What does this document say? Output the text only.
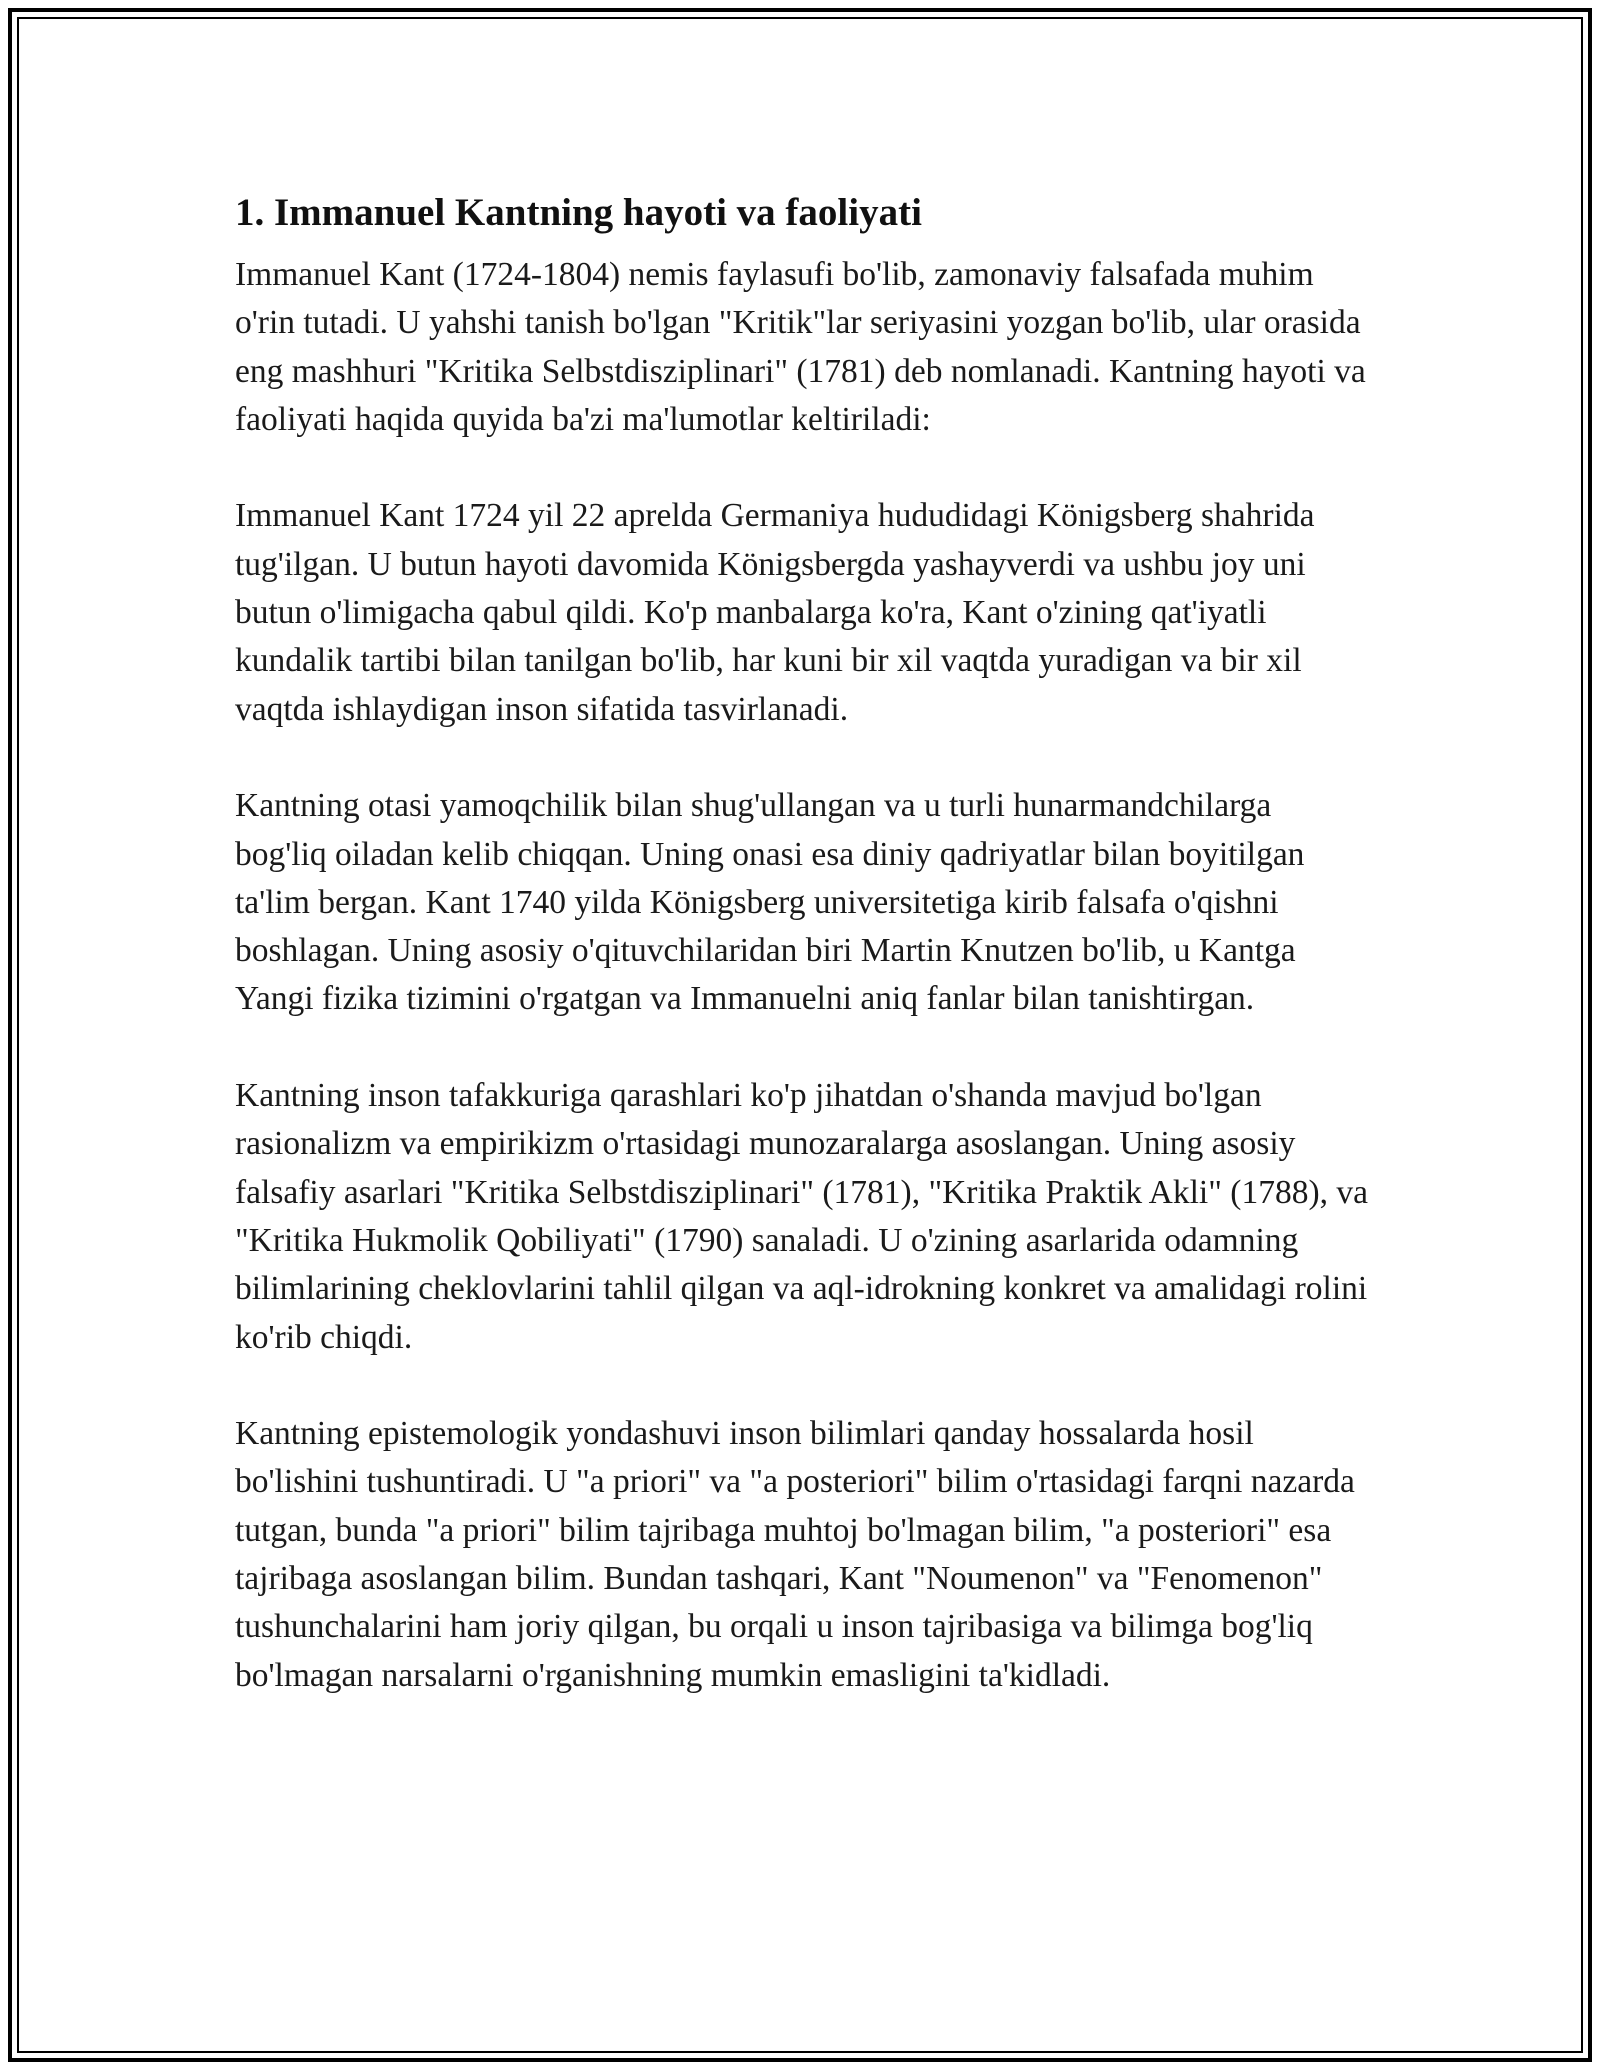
1. Immanuel Kantning hayoti va faoliyati

Immanuel Kant (1724-1804) nemis faylasufi bo'lib, zamonaviy falsafada muhim o'rin tutadi. U yahshi tanish bo'lgan "Kritik"lar seriyasini yozgan bo'lib, ular orasida eng mashhuri "Kritika Selbstdisziplinari" (1781) deb nomlanadi. Kantning hayoti va faoliyati haqida quyida ba'zi ma'lumotlar keltiriladi:

Immanuel Kant 1724 yil 22 aprelda Germaniya hududidagi Königsberg shahrida tug'ilgan. U butun hayoti davomida Königsbergda yashayverdi va ushbu joy uni butun o'limigacha qabul qildi. Ko'p manbalarga ko'ra, Kant o'zining qat'iyatli kundalik tartibi bilan tanilgan bo'lib, har kuni bir xil vaqtda yuradigan va bir xil vaqtda ishlaydigan inson sifatida tasvirlanadi.

Kantning otasi yamoqchilik bilan shug'ullangan va u turli hunarmandchilarga bog'liq oiladan kelib chiqqan. Uning onasi esa diniy qadriyatlar bilan boyitilgan ta'lim bergan. Kant 1740 yilda Königsberg universitetiga kirib falsafa o'qishni boshlagan. Uning asosiy o'qituvchilaridan biri Martin Knutzen bo'lib, u Kantga Yangi fizika tizimini o'rgatgan va Immanuelni aniq fanlar bilan tanishtirgan.

Kantning inson tafakkuriga qarashlari ko'p jihatdan o'shanda mavjud bo'lgan rasionalizm va empirikizm o'rtasidagi munozaralarga asoslangan. Uning asosiy falsafiy asarlari "Kritika Selbstdisziplinari" (1781), "Kritika Praktik Akli" (1788), va "Kritika Hukmolik Qobiliyati" (1790) sanaladi. U o'zining asarlarida odamning bilimlarining cheklovlarini tahlil qilgan va aql-idrokning konkret va amalidagi rolini ko'rib chiqdi.

Kantning epistemologik yondashuvi inson bilimlari qanday hossalarda hosil bo'lishini tushuntiradi. U "a priori" va "a posteriori" bilim o'rtasidagi farqni nazarda tutgan, bunda "a priori" bilim tajribaga muhtoj bo'lmagan bilim, "a posteriori" esa tajribaga asoslangan bilim. Bundan tashqari, Kant "Noumenon" va "Fenomenon" tushunchalarini ham joriy qilgan, bu orqali u inson tajribasiga va bilimga bog'liq bo'lmagan narsalarni o'rganishning mumkin emasligini ta'kidladi.
